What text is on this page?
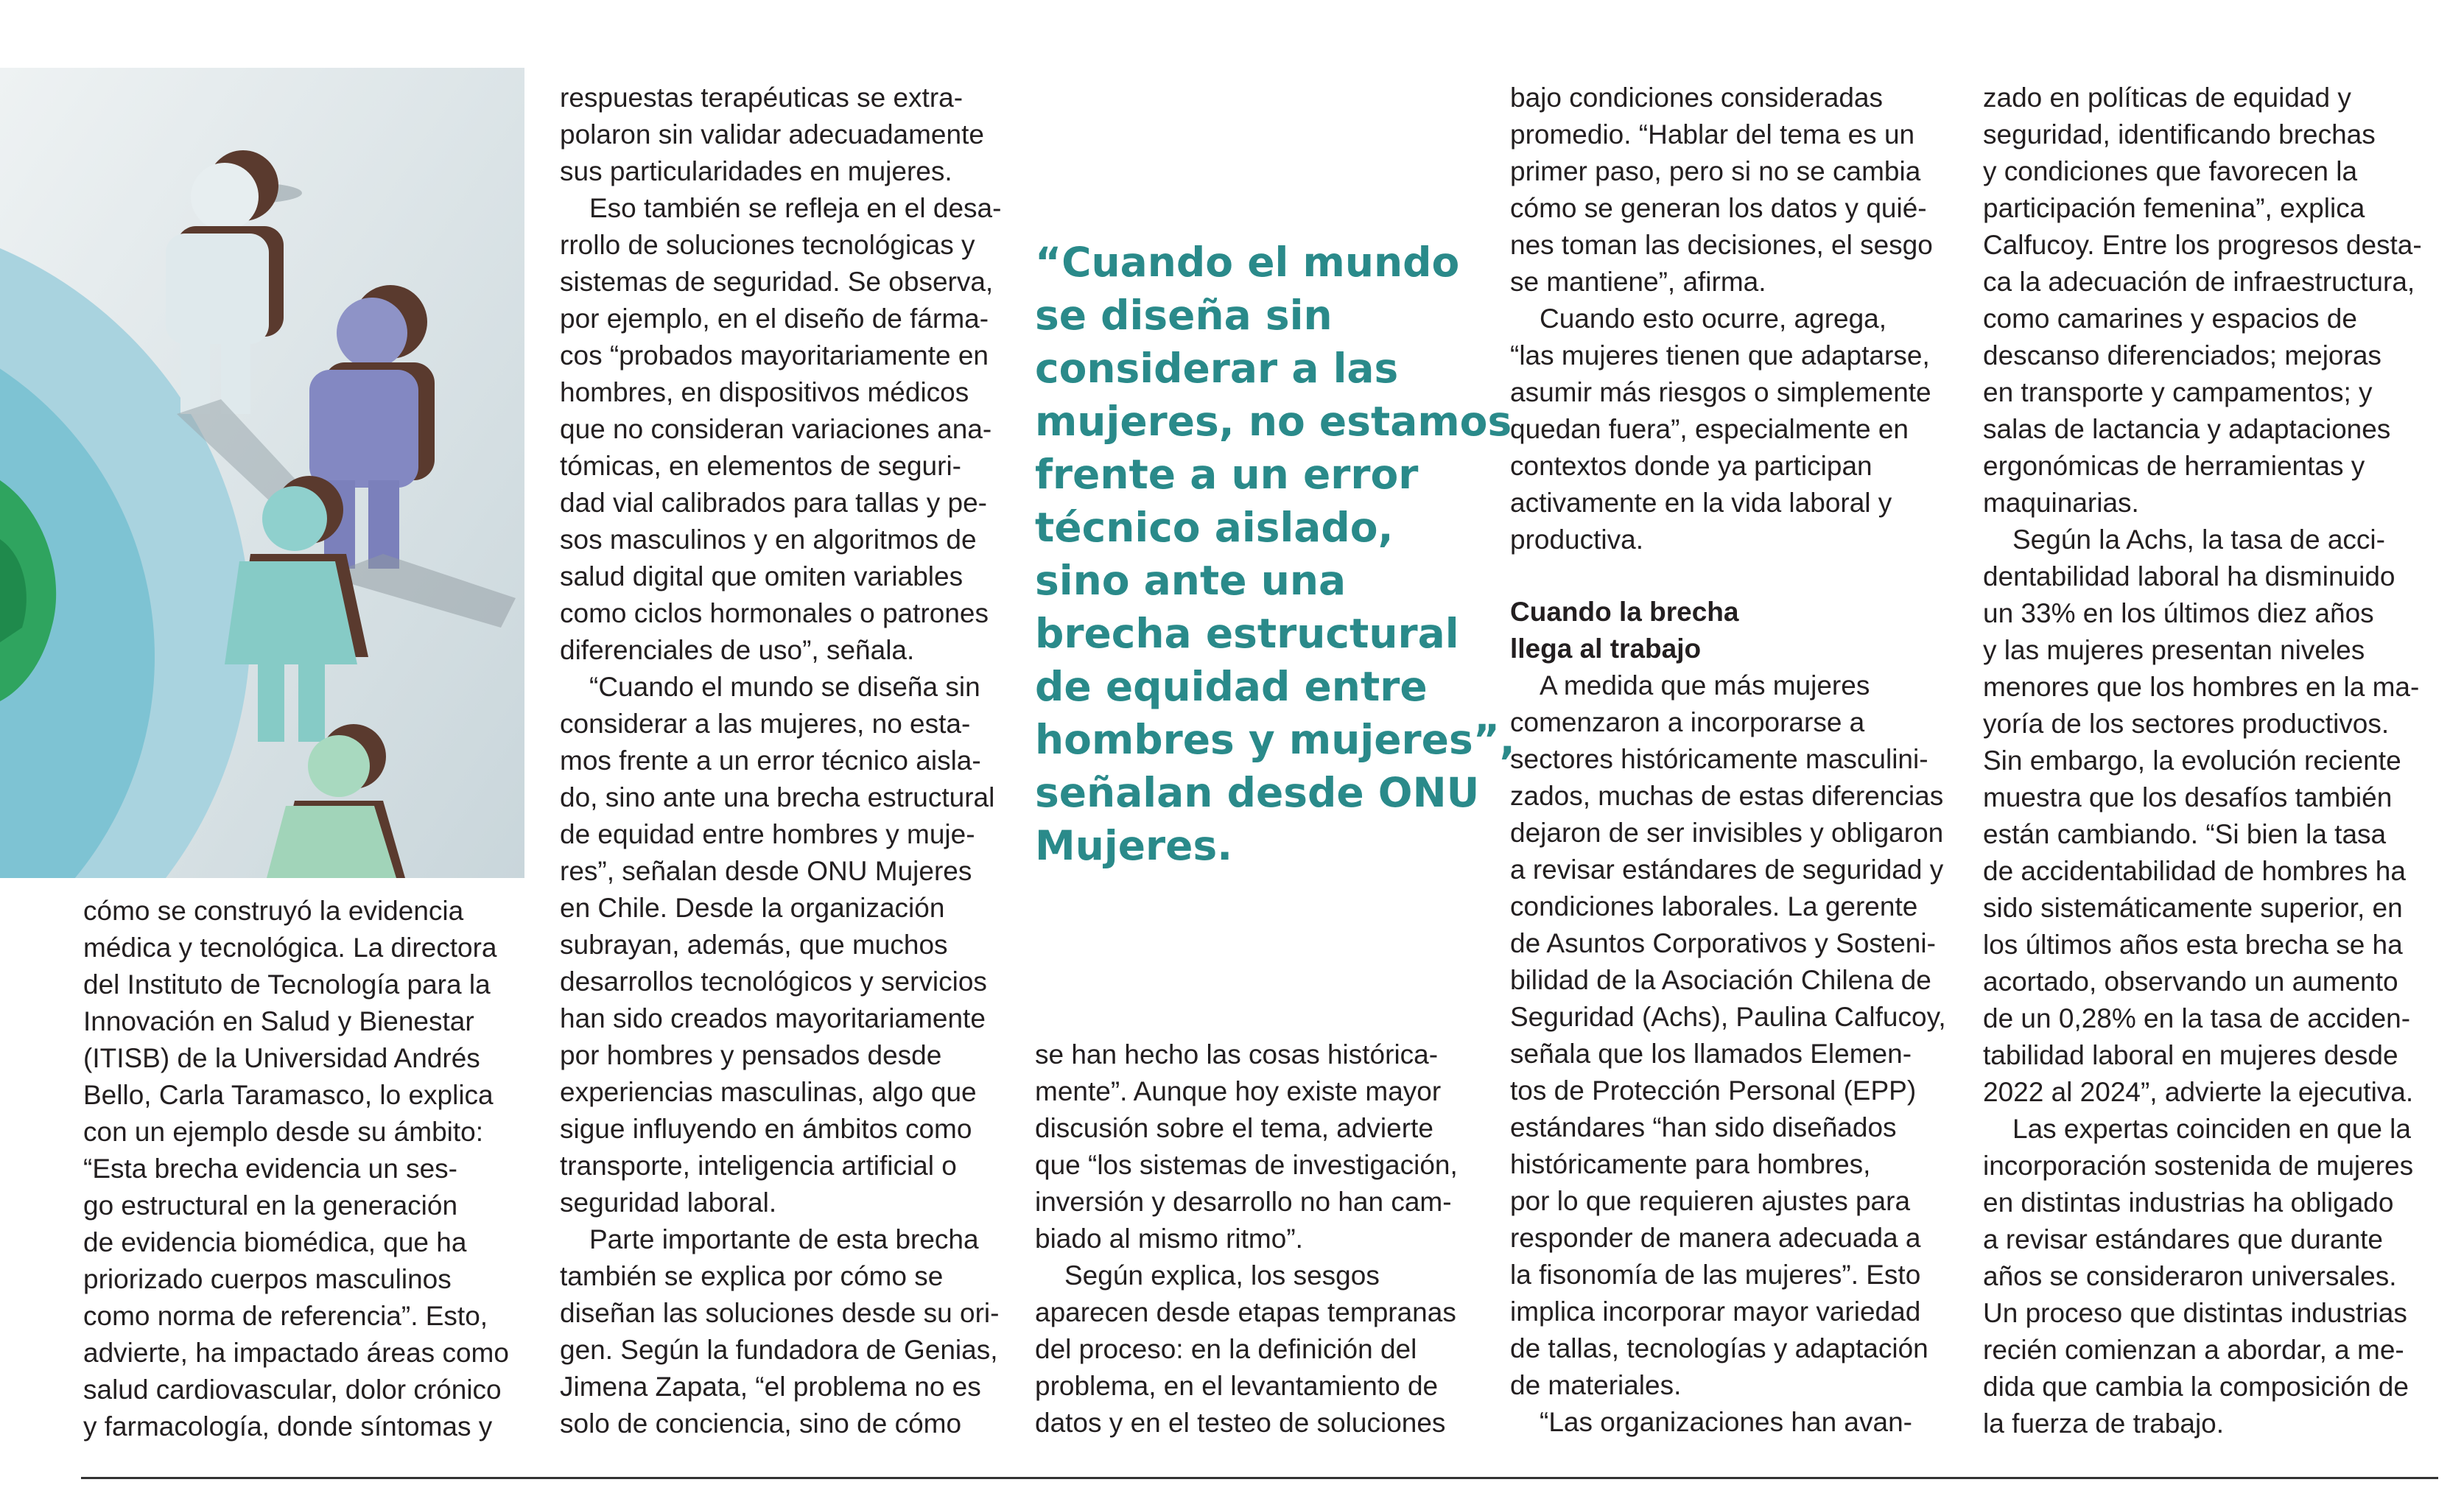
cómo se construyó la evidencia
médica y tecnológica. La directora
del Instituto de Tecnología para la
Innovación en Salud y Bienestar
(ITISB) de la Universidad Andrés
Bello, Carla Taramasco, lo explica
con un ejemplo desde su ámbito:
“Esta brecha evidencia un ses-
go estructural en la generación
de evidencia biomédica, que ha
priorizado cuerpos masculinos
como norma de referencia”. Esto,
advierte, ha impactado áreas como
salud cardiovascular, dolor crónico
y farmacología, donde síntomas y
respuestas terapéuticas se extra-
polaron sin validar adecuadamente
sus particularidades en mujeres.
Eso también se refleja en el desa-
rrollo de soluciones tecnológicas y
sistemas de seguridad. Se observa,
por ejemplo, en el diseño de fárma-
cos “probados mayoritariamente en
hombres, en dispositivos médicos
que no consideran variaciones ana-
tómicas, en elementos de seguri-
dad vial calibrados para tallas y pe-
sos masculinos y en algoritmos de
salud digital que omiten variables
como ciclos hormonales o patrones
diferenciales de uso”, señala.
“Cuando el mundo se diseña sin
considerar a las mujeres, no esta-
mos frente a un error técnico aisla-
do, sino ante una brecha estructural
de equidad entre hombres y muje-
res”, señalan desde ONU Mujeres
en Chile. Desde la organización
subrayan, además, que muchos
desarrollos tecnológicos y servicios
han sido creados mayoritariamente
por hombres y pensados desde
experiencias masculinas, algo que
sigue influyendo en ámbitos como
transporte, inteligencia artificial o
seguridad laboral.
Parte importante de esta brecha
también se explica por cómo se
diseñan las soluciones desde su ori-
gen. Según la fundadora de Genias,
Jimena Zapata, “el problema no es
solo de conciencia, sino de cómo
“Cuando el mundo
se diseña sin
considerar a las
mujeres, no estamos
frente a un error
técnico aislado,
sino ante una
brecha estructural
de equidad entre
hombres y mujeres”,
señalan desde ONU
Mujeres.
se han hecho las cosas histórica-
mente”. Aunque hoy existe mayor
discusión sobre el tema, advierte
que “los sistemas de investigación,
inversión y desarrollo no han cam-
biado al mismo ritmo”.
Según explica, los sesgos
aparecen desde etapas tempranas
del proceso: en la definición del
problema, en el levantamiento de
datos y en el testeo de soluciones
bajo condiciones consideradas
promedio. “Hablar del tema es un
primer paso, pero si no se cambia
cómo se generan los datos y quié-
nes toman las decisiones, el sesgo
se mantiene”, afirma.
Cuando esto ocurre, agrega,
“las mujeres tienen que adaptarse,
asumir más riesgos o simplemente
quedan fuera”, especialmente en
contextos donde ya participan
activamente en la vida laboral y
productiva.
Cuando la brecha
llega al trabajo
A medida que más mujeres
comenzaron a incorporarse a
sectores históricamente masculini-
zados, muchas de estas diferencias
dejaron de ser invisibles y obligaron
a revisar estándares de seguridad y
condiciones laborales. La gerente
de Asuntos Corporativos y Sosteni-
bilidad de la Asociación Chilena de
Seguridad (Achs), Paulina Calfucoy,
señala que los llamados Elemen-
tos de Protección Personal (EPP)
estándares “han sido diseñados
históricamente para hombres,
por lo que requieren ajustes para
responder de manera adecuada a
la fisonomía de las mujeres”. Esto
implica incorporar mayor variedad
de tallas, tecnologías y adaptación
de materiales.
“Las organizaciones han avan-
zado en políticas de equidad y
seguridad, identificando brechas
y condiciones que favorecen la
participación femenina”, explica
Calfucoy. Entre los progresos desta-
ca la adecuación de infraestructura,
como camarines y espacios de
descanso diferenciados; mejoras
en transporte y campamentos; y
salas de lactancia y adaptaciones
ergonómicas de herramientas y
maquinarias.
Según la Achs, la tasa de acci-
dentabilidad laboral ha disminuido
un 33% en los últimos diez años
y las mujeres presentan niveles
menores que los hombres en la ma-
yoría de los sectores productivos.
Sin embargo, la evolución reciente
muestra que los desafíos también
están cambiando. “Si bien la tasa
de accidentabilidad de hombres ha
sido sistemáticamente superior, en
los últimos años esta brecha se ha
acortado, observando un aumento
de un 0,28% en la tasa de acciden-
tabilidad laboral en mujeres desde
2022 al 2024”, advierte la ejecutiva.
Las expertas coinciden en que la
incorporación sostenida de mujeres
en distintas industrias ha obligado
a revisar estándares que durante
años se consideraron universales.
Un proceso que distintas industrias
recién comienzan a abordar, a me-
dida que cambia la composición de
la fuerza de trabajo.
